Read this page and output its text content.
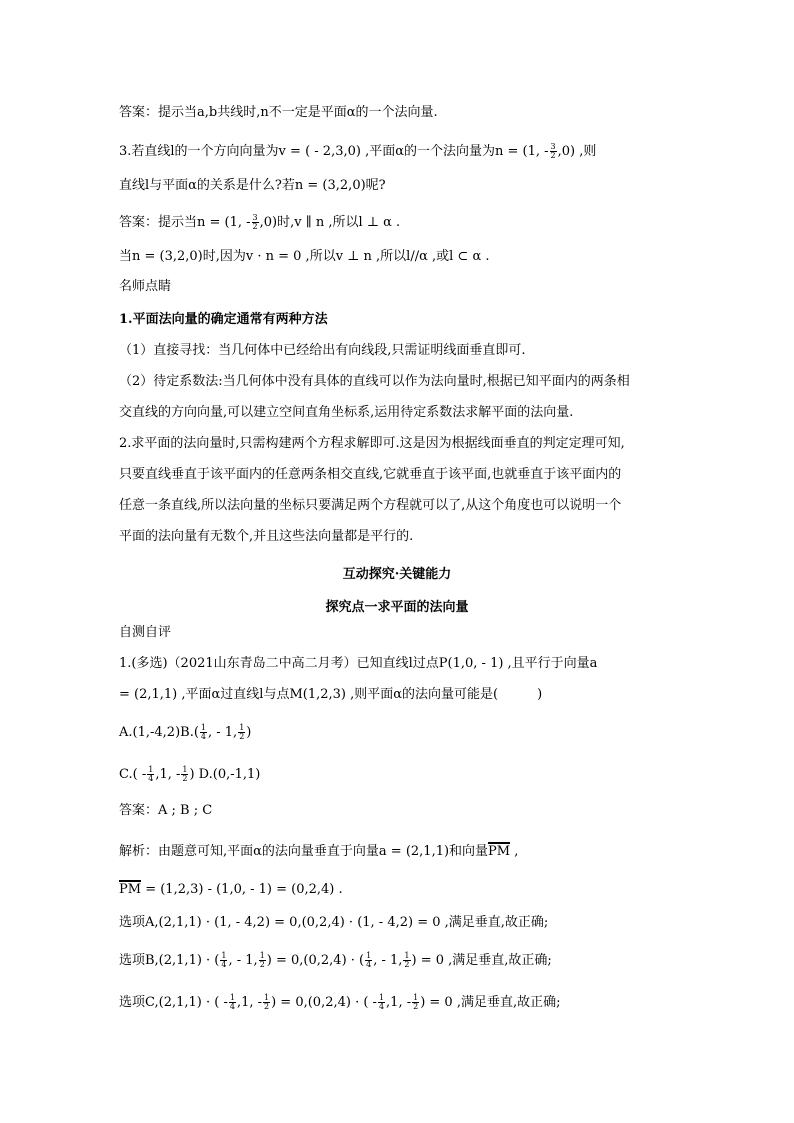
答案：提示当a,b共线时,n不一定是平面α的一个法向量.
3.若直线l的一个方向向量为v = ( - 2,3,0) ,平面α的一个法向量为n = (1, - $\frac{3}{2} ,0$) ,则
直线l与平面α的关系是什么?若n = (3,2,0)呢?
答案：提示当n = (1, - $\frac{3}{2} ,0$)时,v ∥ n ,所以l ⊥ α .
当n = (3,2,0)时,因为v · n = 0 ,所以v ⊥ n ,所以l//α ,或l ⊂ α .
名师点睛
1.平面法向量的确定通常有两种方法
（1）直接寻找：当几何体中已经给出有向线段,只需证明线面垂直即可.
（2）待定系数法:当几何体中没有具体的直线可以作为法向量时,根据已知平面内的两条相
交直线的方向向量,可以建立空间直角坐标系,运用待定系数法求解平面的法向量.
2.求平面的法向量时,只需构建两个方程求解即可.这是因为根据线面垂直的判定定理可知,
只要直线垂直于该平面内的任意两条相交直线,它就垂直于该平面,也就垂直于该平面内的
任意一条直线,所以法向量的坐标只要满足两个方程就可以了,从这个角度也可以说明一个
平面的法向量有无数个,并且这些法向量都是平行的.
互动探究·关键能力
探究点一求平面的法向量
自测自评
1.(多选)（2021山东青岛二中高二月考）已知直线l过点P(1,0, - 1) ,且平行于向量a
= (2,1,1) ,平面α过直线l与点M(1,2,3) ,则平面α的法向量可能是(　　　)
$A.(1,-4,2)B.( \frac{1}{4}$ , - 1, $\frac{1}{2}$ )
$C.( - \frac{1}{4} ,1$, - $\frac{1}{2}$ ) D.(0,-1,1)
答案：A ; B ; C
解析：由题意可知,平面α的法向量垂直于向量a = (2,1,1)和向量PM ,
PM = (1,2,3) - (1,0, - 1) = (0,2,4) .
选项A,(2,1,1) · (1, - 4,2) = 0,(0,2,4) · (1, - 4,2) = 0 ,满足垂直,故正确;
选项B,(2,1,1) · ( $\frac{1}{4}$ , - 1, $\frac{1}{2}$ ) = 0,(0,2,4) · ( $\frac{1}{4}$ , - 1, $\frac{1}{2}$ ) = 0 ,满足垂直,故正确;
选项C,(2,1,1) · ( - $\frac{1}{4} ,1$, - $\frac{1}{2}$ ) = 0,(0,2,4) · ( - $\frac{1}{4} ,1$, - $\frac{1}{2}$ ) = 0 ,满足垂直,故正确;
